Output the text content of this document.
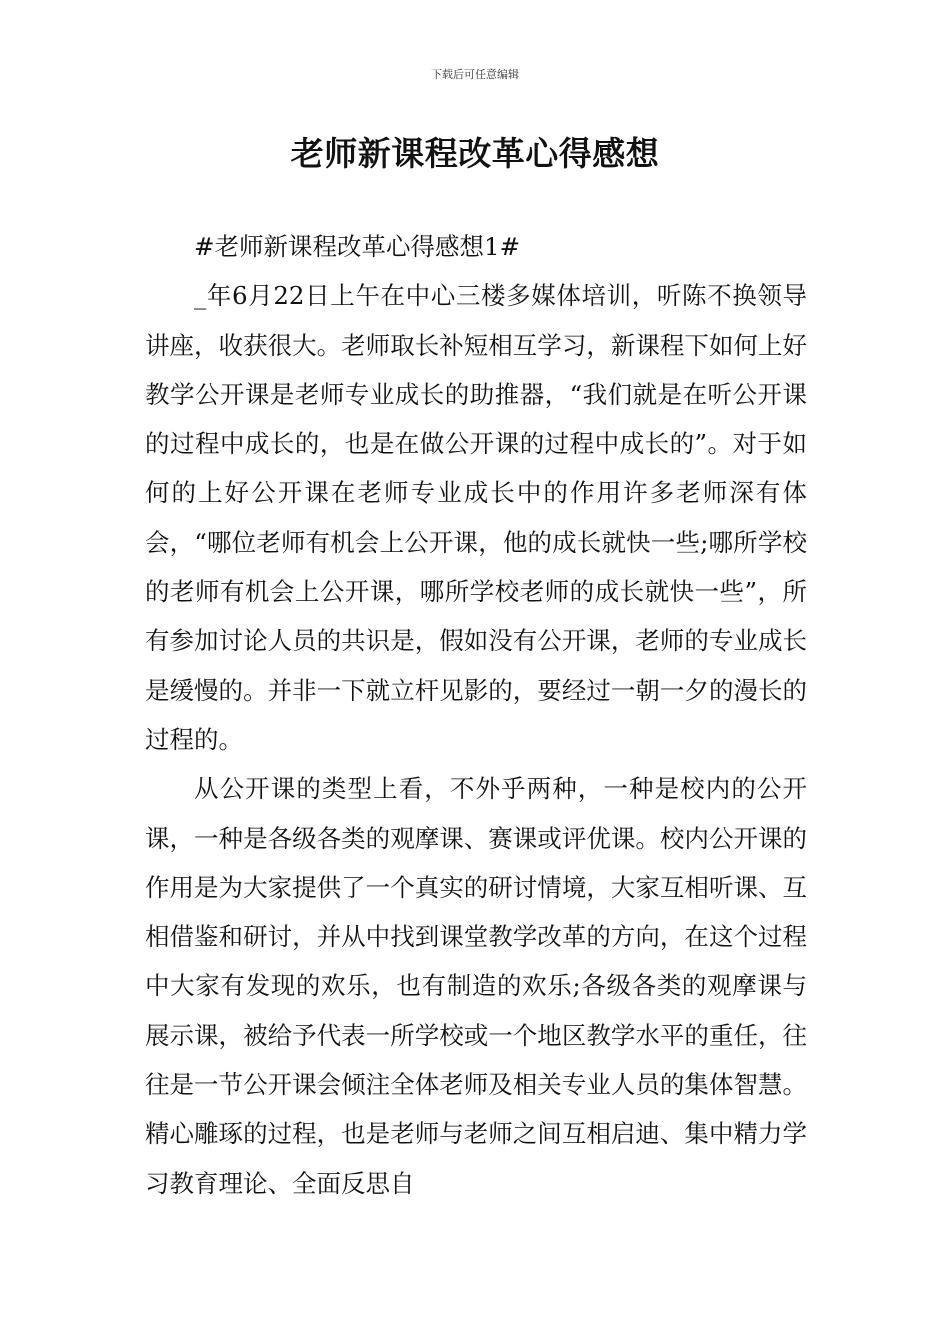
下载后可任意编辑
老师新课程改革心得感想

#老师新课程改革心得感想1#

_年6月22日上午在中心三楼多媒体培训，听陈不换领导讲座，收获很大。老师取长补短相互学习，新课程下如何上好教学公开课是老师专业成长的助推器，“我们就是在听公开课的过程中成长的，也是在做公开课的过程中成长的”。对于如何的上好公开课在老师专业成长中的作用许多老师深有体会，“哪位老师有机会上公开课，他的成长就快一些;哪所学校的老师有机会上公开课，哪所学校老师的成长就快一些”，所有参加讨论人员的共识是，假如没有公开课，老师的专业成长是缓慢的。并非一下就立杆见影的，要经过一朝一夕的漫长的过程的。

从公开课的类型上看，不外乎两种，一种是校内的公开课，一种是各级各类的观摩课、赛课或评优课。校内公开课的作用是为大家提供了一个真实的研讨情境，大家互相听课、互相借鉴和研讨，并从中找到课堂教学改革的方向，在这个过程中大家有发现的欢乐，也有制造的欢乐;各级各类的观摩课与展示课，被给予代表一所学校或一个地区教学水平的重任，往往是一节公开课会倾注全体老师及相关专业人员的集体智慧。精心雕琢的过程，也是老师与老师之间互相启迪、集中精力学习教育理论、全面反思自
